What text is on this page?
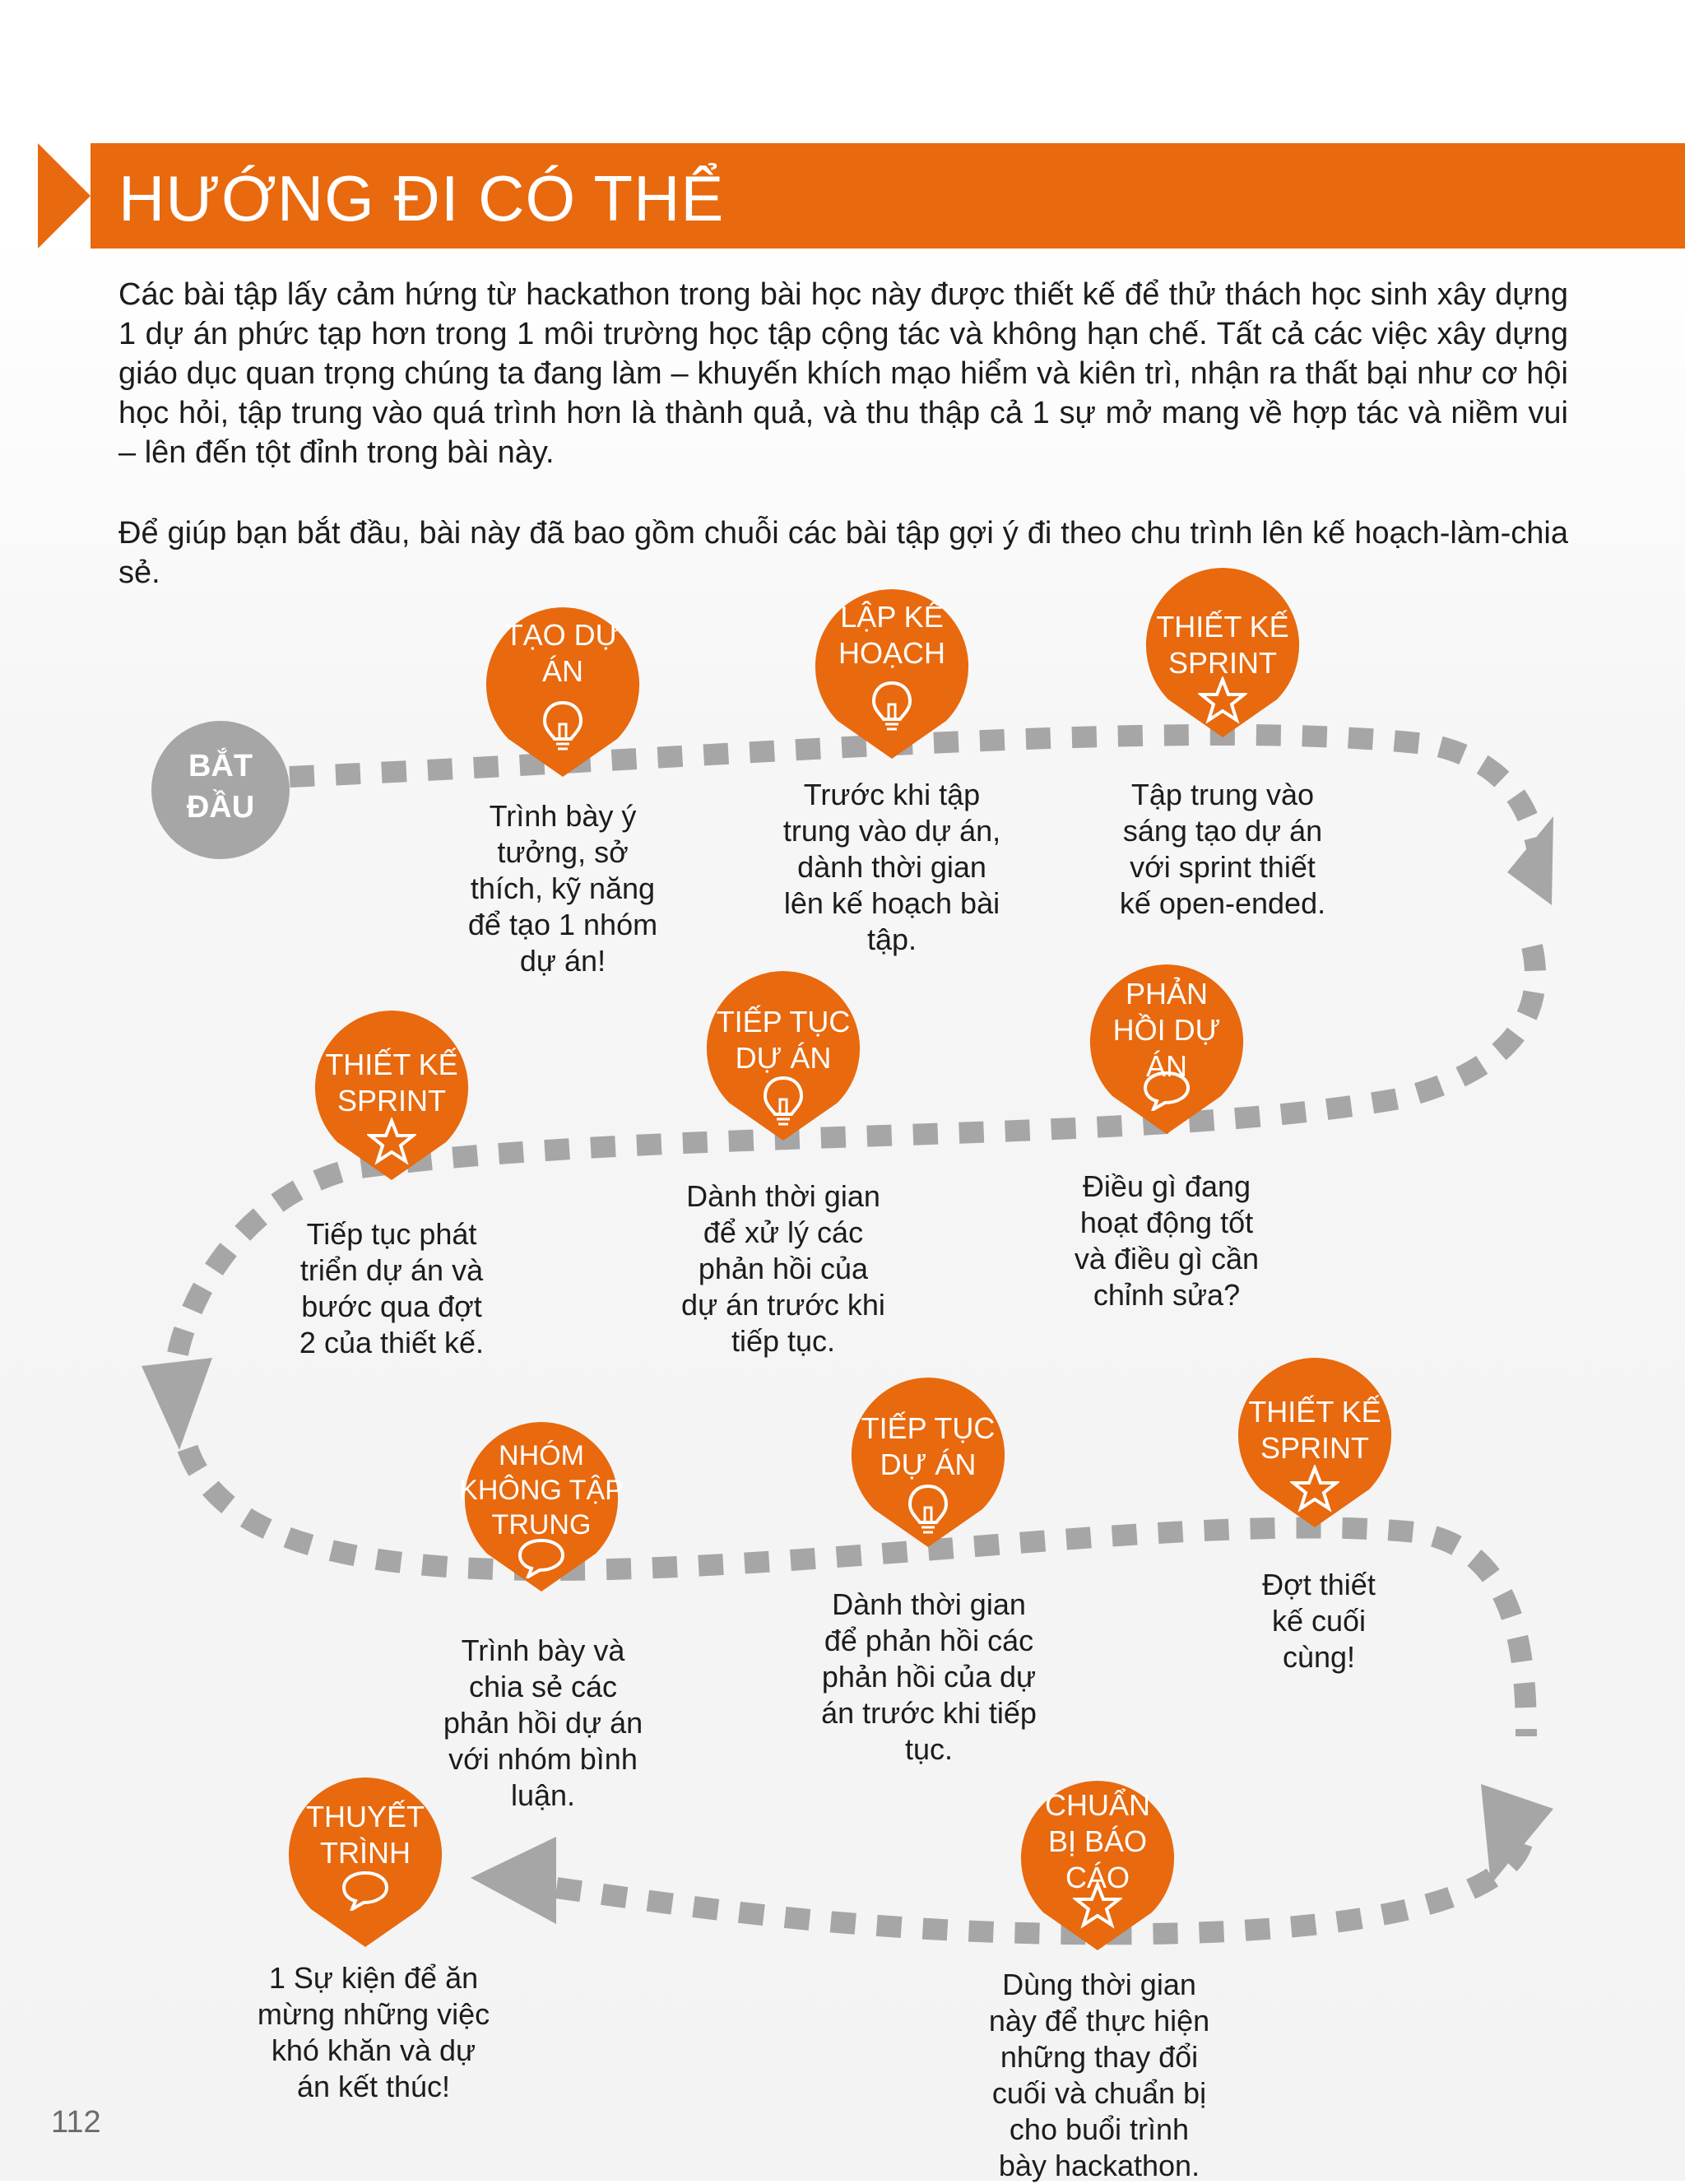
HƯỚNG ĐI CÓ THỂ
Các bài tập lấy cảm hứng từ hackathon trong bài học này được thiết kế để thử thách học sinh xây dựng 1 dự án phức tạp hơn trong 1 môi trường học tập cộng tác và không hạn chế. Tất cả các việc xây dựng giáo dục quan trọng chúng ta đang làm – khuyến khích mạo hiểm và kiên trì, nhận ra thất bại như cơ hội học hỏi, tập trung vào quá trình hơn là thành quả, và thu thập cả 1 sự mở mang về hợp tác và niềm vui – lên đến tột đỉnh trong bài này.
Để giúp bạn bắt đầu, bài này đã bao gồm chuỗi các bài tập gợi ý đi theo chu trình lên kế hoạch-làm-chia sẻ.
BẮT
ĐẦU
TẠO DỰ
ÁN
LẬP KẾ
HOẠCH
THIẾT KẾ
SPRINT
PHẢN
HỒI DỰ
ÁN
TIẾP TỤC
DỰ ÁN
THIẾT KẾ
SPRINT
NHÓM
KHÔNG TẬP
TRUNG
TIẾP TỤC
DỰ ÁN
THIẾT KẾ
SPRINT
CHUẨN
BỊ BÁO
CÁO
THUYẾT
TRÌNH
Trình bày ý
tưởng, sở
thích, kỹ năng
để tạo 1 nhóm
dự án!
Trước khi tập
trung vào dự án,
dành thời gian
lên kế hoạch bài
tập.
Tập trung vào
sáng tạo dự án
với sprint thiết
kế open-ended.
Điều gì đang
hoạt động tốt
và điều gì cần
chỉnh sửa?
Dành thời gian
để xử lý các
phản hồi của
dự án trước khi
tiếp tục.
Tiếp tục phát
triển dự án và
bước qua đợt
2 của thiết kế.
Trình bày và
chia sẻ các
phản hồi dự án
với nhóm bình
luận.
Dành thời gian
để phản hồi các
phản hồi của dự
án trước khi tiếp
tục.
Đợt thiết
kế cuối
cùng!
Dùng thời gian
này để thực hiện
những thay đổi
cuối và chuẩn bị
cho buổi trình
bày hackathon.
1 Sự kiện để ăn
mừng những việc
khó khăn và dự
án kết thúc!
112
